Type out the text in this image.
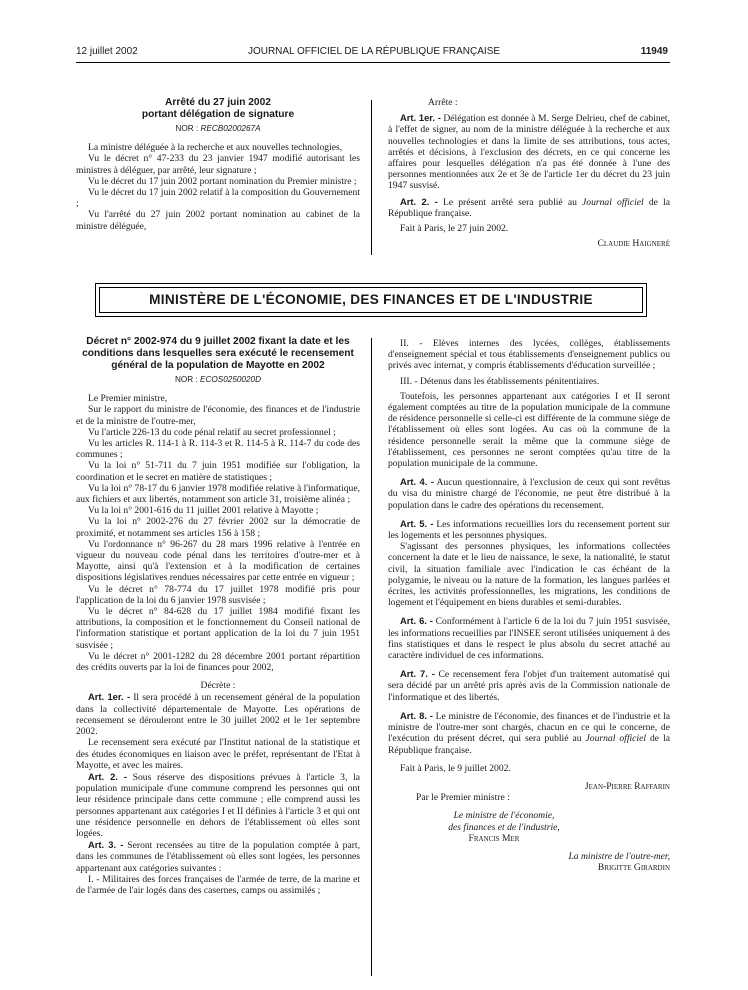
12 juillet 2002	JOURNAL OFFICIEL DE LA RÉPUBLIQUE FRANÇAISE	11949
Arrêté du 27 juin 2002
portant délégation de signature
NOR : RECB0200267A

La ministre déléguée à la recherche et aux nouvelles technologies,

Vu le décret n° 47-233 du 23 janvier 1947 modifié autorisant les ministres à déléguer, par arrêté, leur signature ;

Vu le décret du 17 juin 2002 portant nomination du Premier ministre ;

Vu le décret du 17 juin 2002 relatif à la composition du Gouvernement ;

Vu l'arrêté du 27 juin 2002 portant nomination au cabinet de la ministre déléguée,

Arrête :

Art. 1er. - Délégation est donnée à M. Serge Delrieu, chef de cabinet, à l'effet de signer, au nom de la ministre déléguée à la recherche et aux nouvelles technologies et dans la limite de ses attributions, tous actes, arrêtés et décisions, à l'exclusion des décrets, en ce qui concerne les affaires pour lesquelles délégation n'a pas été donnée à l'une des personnes mentionnées aux 2e et 3e de l'article 1er du décret du 23 juin 1947 susvisé.

Art. 2. - Le présent arrêté sera publié au Journal officiel de la République française.

Fait à Paris, le 27 juin 2002.

Claudie Haigneré

MINISTÈRE DE L'ÉCONOMIE, DES FINANCES ET DE L'INDUSTRIE
Décret n° 2002-974 du 9 juillet 2002 fixant la date et les conditions dans lesquelles sera exécuté le recensement général de la population de Mayotte en 2002
NOR : ECOS0250020D

Le Premier ministre,

Sur le rapport du ministre de l'économie, des finances et de l'industrie et de la ministre de l'outre-mer,

Vu l'article 226-13 du code pénal relatif au secret professionnel ;

Vu les articles R. 114-1 à R. 114-3 et R. 114-5 à R. 114-7 du code des communes ;

Vu la loi n° 51-711 du 7 juin 1951 modifiée sur l'obligation, la coordination et le secret en matière de statistiques ;

Vu la loi n° 78-17 du 6 janvier 1978 modifiée relative à l'informatique, aux fichiers et aux libertés, notamment son article 31, troisième alinéa ;

Vu la loi n° 2001-616 du 11 juillet 2001 relative à Mayotte ;

Vu la loi n° 2002-276 du 27 février 2002 sur la démocratie de proximité, et notamment ses articles 156 à 158 ;

Vu l'ordonnance n° 96-267 du 28 mars 1996 relative à l'entrée en vigueur du nouveau code pénal dans les territoires d'outre-mer et à Mayotte, ainsi qu'à l'extension et à la modification de certaines dispositions législatives rendues nécessaires par cette entrée en vigueur ;

Vu le décret n° 78-774 du 17 juillet 1978 modifié pris pour l'application de la loi du 6 janvier 1978 susvisée ;

Vu le décret n° 84-628 du 17 juillet 1984 modifié fixant les attributions, la composition et le fonctionnement du Conseil national de l'information statistique et portant application de la loi du 7 juin 1951 susvisée ;

Vu le décret n° 2001-1282 du 28 décembre 2001 portant répartition des crédits ouverts par la loi de finances pour 2002,

Décrète :

Art. 1er. - Il sera procédé à un recensement général de la population dans la collectivité départementale de Mayotte. Les opérations de recensement se dérouleront entre le 30 juillet 2002 et le 1er septembre 2002.

Le recensement sera exécuté par l'Institut national de la statistique et des études économiques en liaison avec le préfet, représentant de l'Etat à Mayotte, et avec les maires.

Art. 2. - Sous réserve des dispositions prévues à l'article 3, la population municipale d'une commune comprend les personnes qui ont leur résidence principale dans cette commune ; elle comprend aussi les personnes appartenant aux catégories I et II définies à l'article 3 et qui ont une résidence personnelle en dehors de l'établissement où elles sont logées.

Art. 3. - Seront recensées au titre de la population comptée à part, dans les communes de l'établissement où elles sont logées, les personnes appartenant aux catégories suivantes :

I. - Militaires des forces françaises de l'armée de terre, de la marine et de l'armée de l'air logés dans des casernes, camps ou assimilés ;

II. - Elèves internes des lycées, collèges, établissements d'enseignement spécial et tous établissements d'enseignement publics ou privés avec internat, y compris établissements d'éducation surveillée ;

III. - Détenus dans les établissements pénitentiaires.

Toutefois, les personnes appartenant aux catégories I et II seront également comptées au titre de la population municipale de la commune de résidence personnelle si celle-ci est différente de la commune siège de l'établissement où elles sont logées. Au cas où la commune de la résidence personnelle serait la même que la commune siège de l'établissement, ces personnes ne seront comptées qu'au titre de la population municipale de la commune.

Art. 4. - Aucun questionnaire, à l'exclusion de ceux qui sont revêtus du visa du ministre chargé de l'économie, ne peut être distribué à la population dans le cadre des opérations du recensement.

Art. 5. - Les informations recueillies lors du recensement portent sur les logements et les personnes physiques.

S'agissant des personnes physiques, les informations collectées concernent la date et le lieu de naissance, le sexe, la nationalité, le statut civil, la situation familiale avec l'indication le cas échéant de la polygamie, le niveau ou la nature de la formation, les langues parlées et écrites, les activités professionnelles, les migrations, les conditions de logement et l'équipement en biens durables et semi-durables.

Art. 6. - Conformément à l'article 6 de la loi du 7 juin 1951 susvisée, les informations recueillies par l'INSEE seront utilisées uniquement à des fins statistiques et dans le respect le plus absolu du secret attaché au caractère individuel de ces informations.

Art. 7. - Ce recensement fera l'objet d'un traitement automatisé qui sera décidé par un arrêté pris après avis de la Commission nationale de l'informatique et des libertés.

Art. 8. - Le ministre de l'économie, des finances et de l'industrie et la ministre de l'outre-mer sont chargés, chacun en ce qui le concerne, de l'exécution du présent décret, qui sera publié au Journal officiel de la République française.

Fait à Paris, le 9 juillet 2002.

Jean-Pierre Raffarin

Par le Premier ministre :

Le ministre de l'économie,

des finances et de l'industrie,

Francis Mer

La ministre de l'outre-mer,

Brigitte Girardin
